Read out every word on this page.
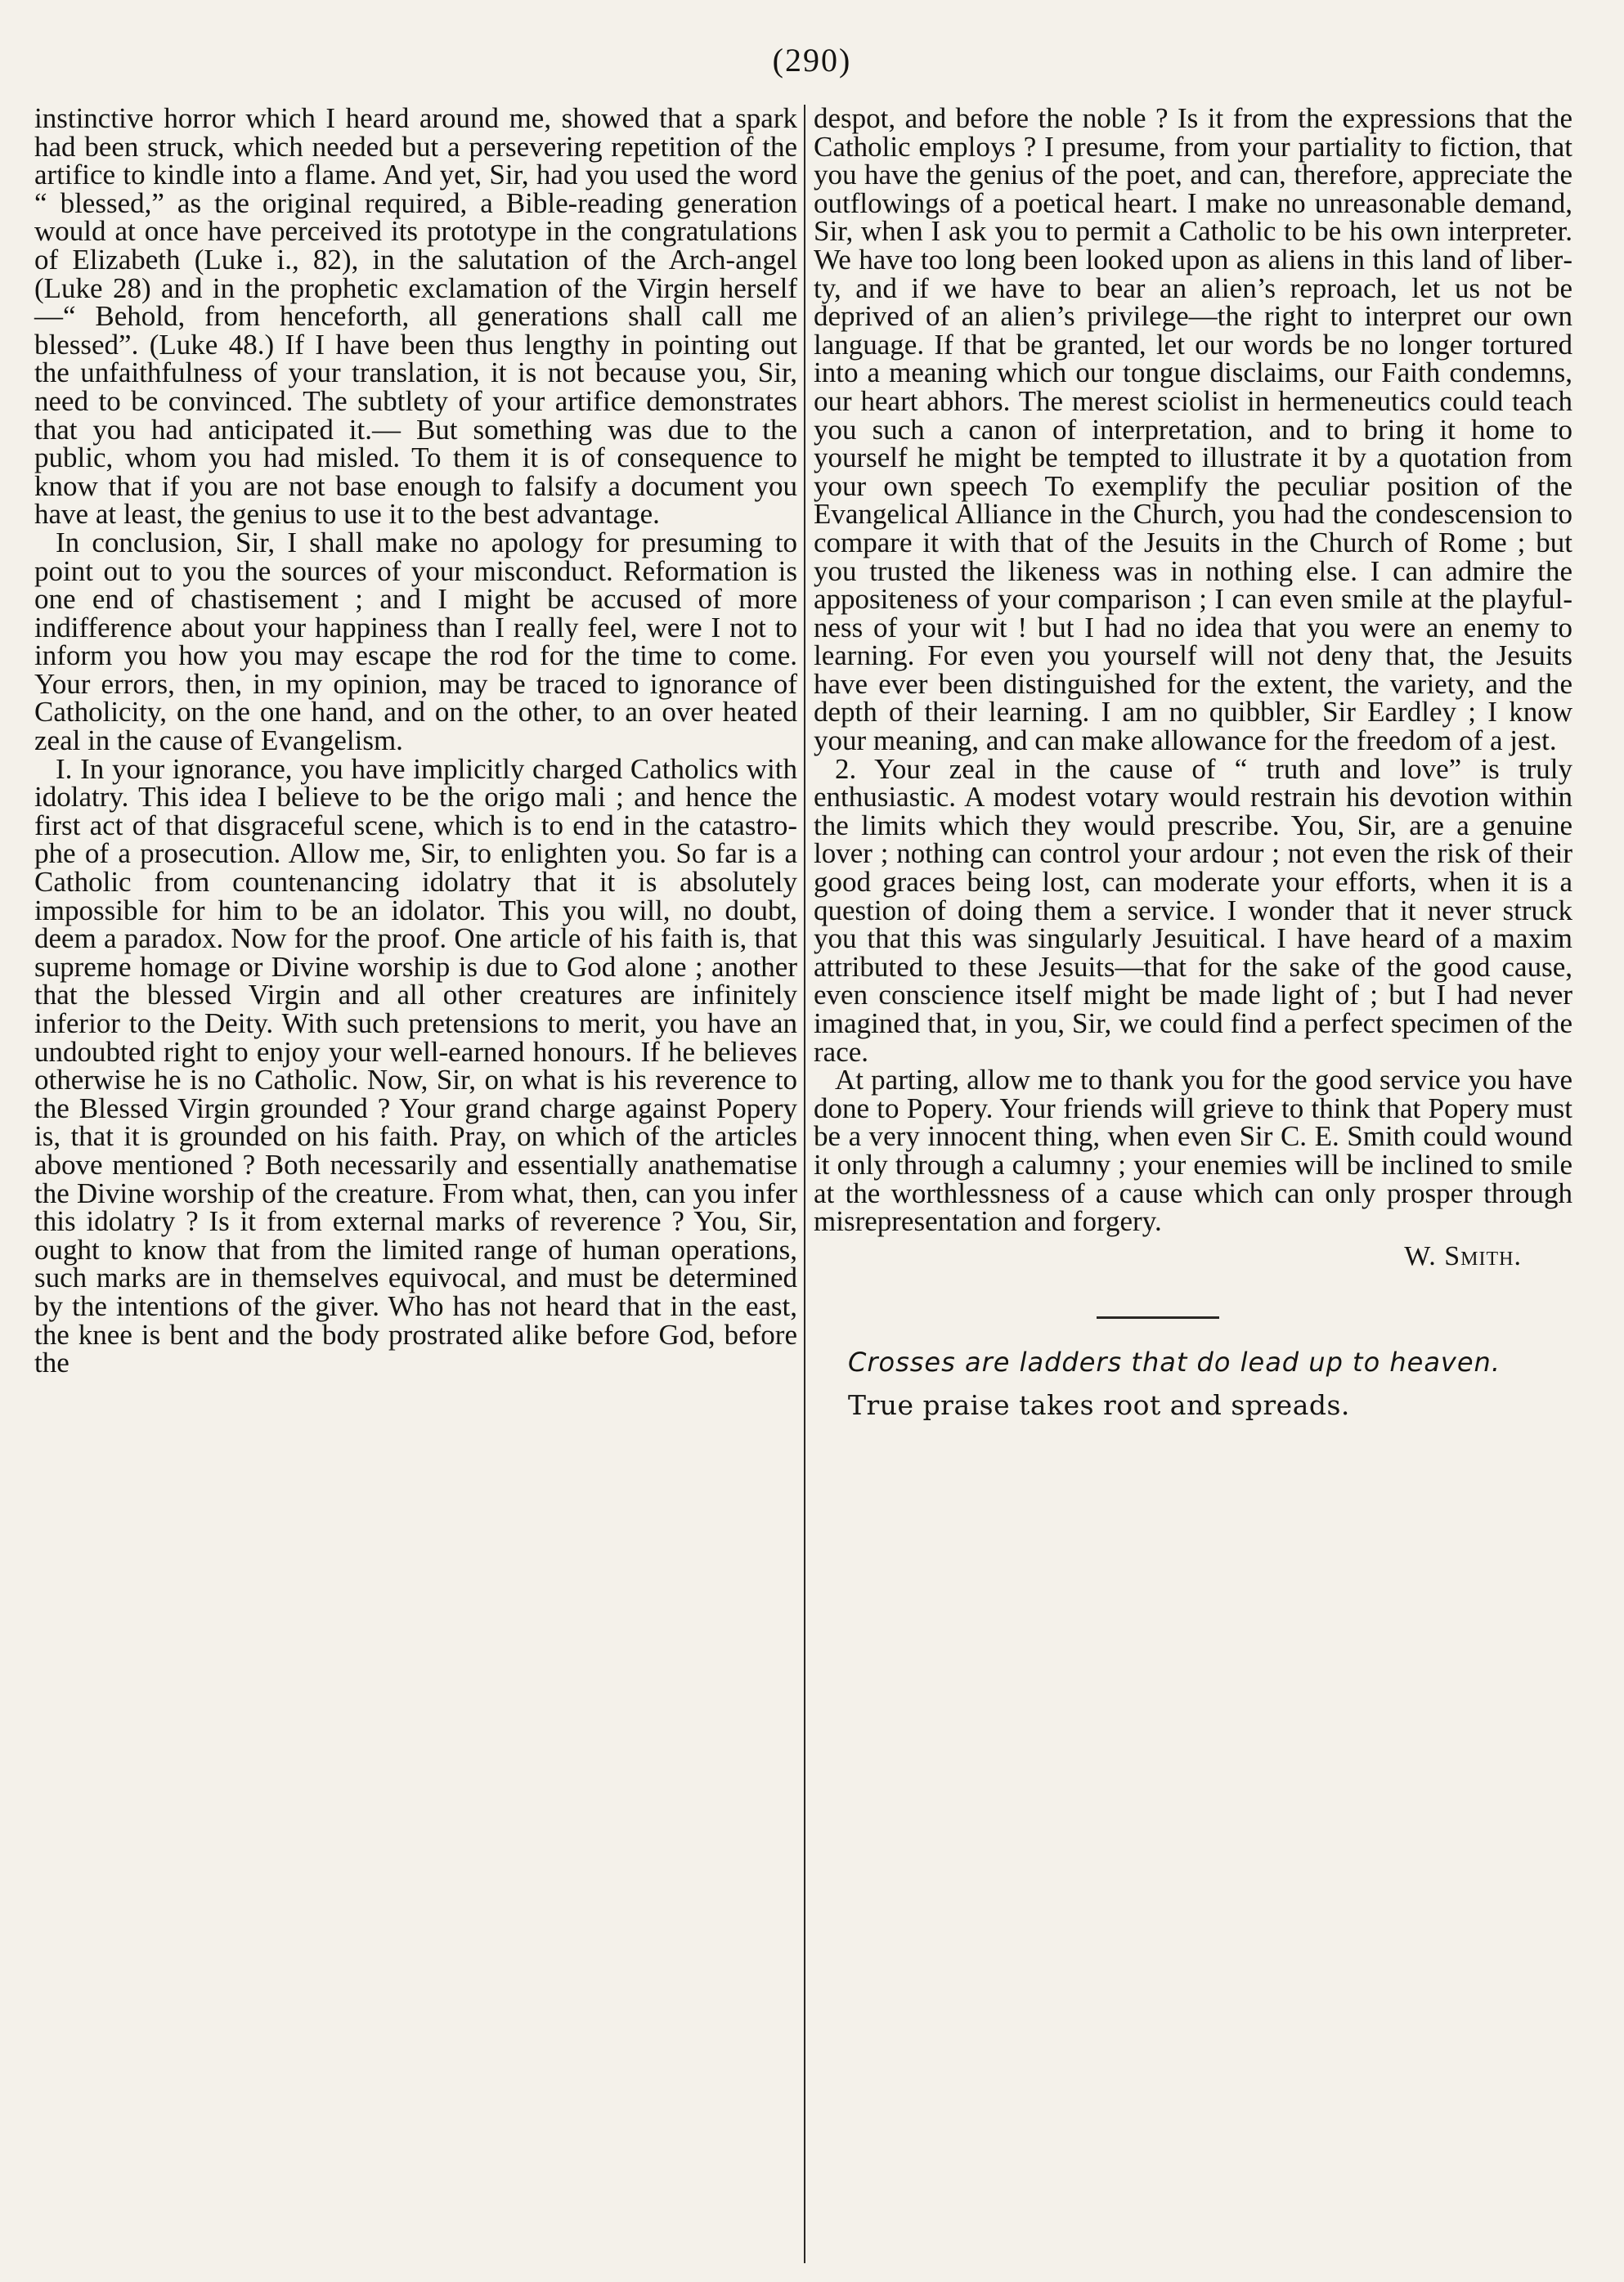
(290)

instinctive horror which I heard around me, showed that a spark had been struck, which needed but a persevering repetition of the artifice to kindle into a flame. And yet, Sir, had you used the word “ blessed,” as the original required, a Bible-reading generation would at once have perceived its prototype in the congratulations of Elizabeth (Luke i., 82), in the salutation of the Arch-angel (Luke 28) and in the prophetic exclamation of the Virgin herself—“ Behold, from henceforth, all generations shall call me blessed”. (Luke 48.) If I have been thus lengthy in pointing out the unfaithfulness of your translation, it is not because you, Sir, need to be convinced. The subtlety of your artifice demonstrates that you had anticipated it.— But something was due to the public, whom you had misled. To them it is of consequence to know that if you are not base enough to falsify a document you have at least, the genius to use it to the best advantage.

In conclusion, Sir, I shall make no apology for presuming to point out to you the sources of your misconduct. Reformation is one end of chastisement ; and I might be accused of more indifference about your happiness than I really feel, were I not to inform you how you may escape the rod for the time to come. Your errors, then, in my opinion, may be traced to ignorance of Catholicity, on the one hand, and on the other, to an over heated zeal in the cause of Evangelism.

I. In your ignorance, you have implicitly charged Catholics with idolatry. This idea I believe to be the origo mali ; and hence the first act of that disgraceful scene, which is to end in the catastrophe of a prosecution. Allow me, Sir, to enlighten you. So far is a Catholic from countenancing idolatry that it is absolutely impossible for him to be an idolator. This you will, no doubt, deem a paradox. Now for the proof. One article of his faith is, that supreme homage or Divine worship is due to God alone ; another that the blessed Virgin and all other creatures are infinitely inferior to the Deity. With such pretensions to merit, you have an undoubted right to enjoy your well-earned honours. If he believes otherwise he is no Catholic. Now, Sir, on what is his reverence to the Blessed Virgin grounded ? Your grand charge against Popery is, that it is grounded on his faith. Pray, on which of the articles above mentioned ? Both necessarily and essentially anathematise the Divine worship of the creature. From what, then, can you infer this idolatry ? Is it from external marks of reverence ? You, Sir, ought to know that from the limited range of human operations, such marks are in themselves equivocal, and must be determined by the intentions of the giver. Who has not heard that in the east, the knee is bent and the body prostrated alike before God, before the

despot, and before the noble ? Is it from the expressions that the Catholic employs ? I presume, from your partiality to fiction, that you have the genius of the poet, and can, therefore, appreciate the outflowings of a poetical heart. I make no unreasonable demand, Sir, when I ask you to permit a Catholic to be his own interpreter. We have too long been looked upon as aliens in this land of liberty, and if we have to bear an alien’s reproach, let us not be deprived of an alien’s privilege—the right to interpret our own language. If that be granted, let our words be no longer tortured into a meaning which our tongue disclaims, our Faith condemns, our heart abhors. The merest sciolist in hermeneutics could teach you such a canon of interpretation, and to bring it home to yourself he might be tempted to illustrate it by a quotation from your own speech To exemplify the peculiar position of the Evangelical Alliance in the Church, you had the condescension to compare it with that of the Jesuits in the Church of Rome ; but you trusted the likeness was in nothing else. I can admire the appositeness of your comparison ; I can even smile at the playfulness of your wit ! but I had no idea that you were an enemy to learning. For even you yourself will not deny that, the Jesuits have ever been distinguished for the extent, the variety, and the depth of their learning. I am no quibbler, Sir Eardley ; I know your meaning, and can make allowance for the freedom of a jest.

2. Your zeal in the cause of “ truth and love” is truly enthusiastic. A modest votary would restrain his devotion within the limits which they would prescribe. You, Sir, are a genuine lover ; nothing can control your ardour ; not even the risk of their good graces being lost, can moderate your efforts, when it is a question of doing them a service. I wonder that it never struck you that this was singularly Jesuitical. I have heard of a maxim attributed to these Jesuits—that for the sake of the good cause, even conscience itself might be made light of ; but I had never imagined that, in you, Sir, we could find a perfect specimen of the race.

At parting, allow me to thank you for the good service you have done to Popery. Your friends will grieve to think that Popery must be a very innocent thing, when even Sir C. E. Smith could wound it only through a calumny ; your enemies will be inclined to smile at the worthlessness of a cause which can only prosper through misrepresentation and forgery.

W. Smith.

Crosses are ladders that do lead up to heaven.

True praise takes root and spreads.
